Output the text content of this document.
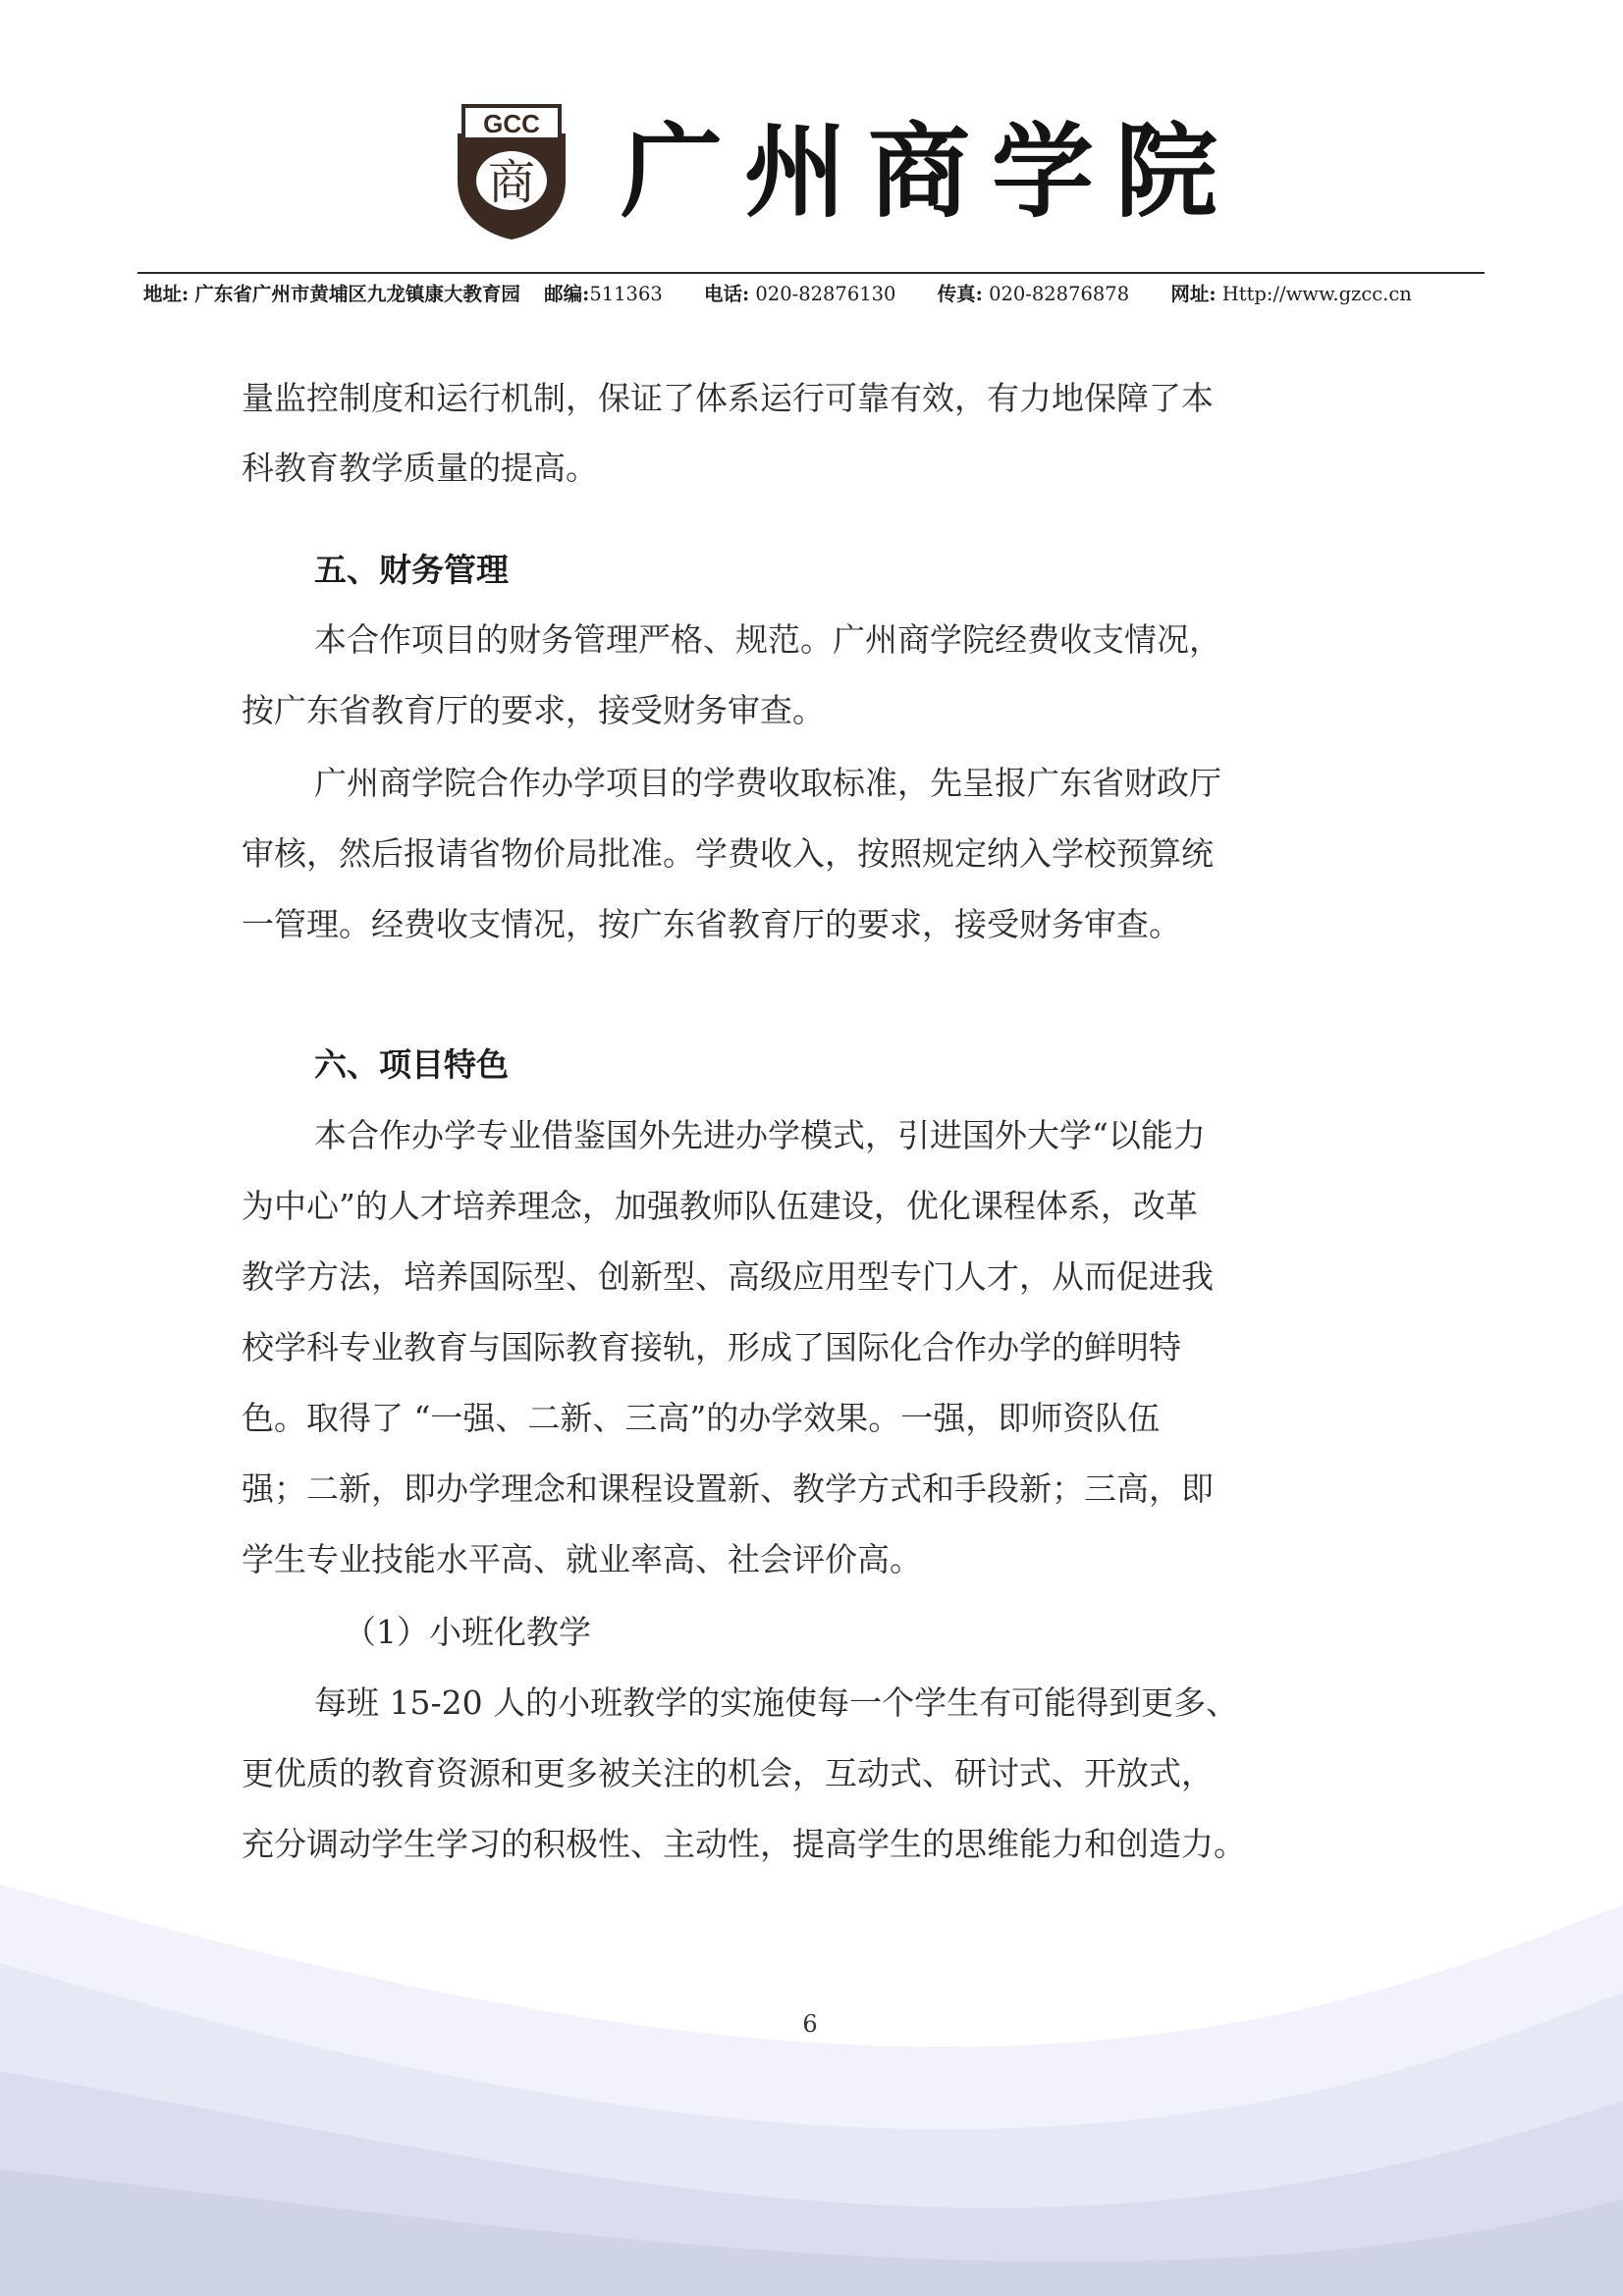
GCC
商 广州商学院
地址: 广东省广州市黄埔区九龙镇康大教育园 邮编:511363 电话: 020-82876130 传真: 020-82876878 网址: Http://www.gzcc.cn
量监控制度和运行机制，保证了体系运行可靠有效，有力地保障了本
科教育教学质量的提高。
五、财务管理
本合作项目的财务管理严格、规范。广州商学院经费收支情况，
按广东省教育厅的要求，接受财务审查。
广州商学院合作办学项目的学费收取标准，先呈报广东省财政厅
审核，然后报请省物价局批准。学费收入，按照规定纳入学校预算统
一管理。经费收支情况，按广东省教育厅的要求，接受财务审查。
六、项目特色
本合作办学专业借鉴国外先进办学模式，引进国外大学“以能力
为中心”的人才培养理念，加强教师队伍建设，优化课程体系，改革
教学方法，培养国际型、创新型、高级应用型专门人才，从而促进我
校学科专业教育与国际教育接轨，形成了国际化合作办学的鲜明特
色。取得了 “一强、二新、三高”的办学效果。一强，即师资队伍
强；二新，即办学理念和课程设置新、教学方式和手段新；三高，即
学生专业技能水平高、就业率高、社会评价高。
（1）小班化教学
每班 15-20 人的小班教学的实施使每一个学生有可能得到更多、
更优质的教育资源和更多被关注的机会，互动式、研讨式、开放式，
充分调动学生学习的积极性、主动性，提高学生的思维能力和创造力。
6
